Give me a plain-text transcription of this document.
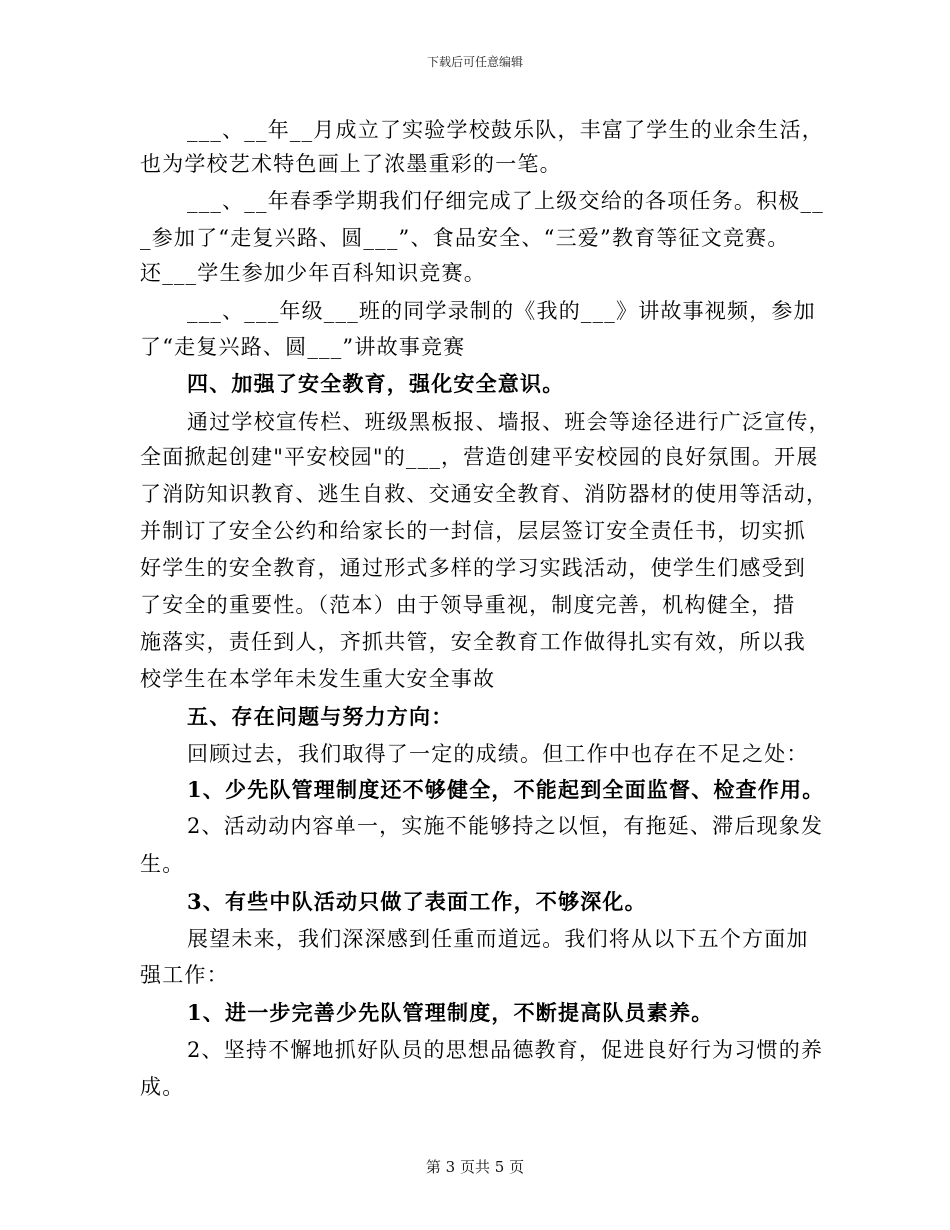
下载后可任意编辑
___、__年__月成立了实验学校鼓乐队，丰富了学生的业余生活，
也为学校艺术特色画上了浓墨重彩的一笔。
___、__年春季学期我们仔细完成了上级交给的各项任务。积极__
_参加了“走复兴路、圆___”、食品安全、“三爱”教育等征文竞赛。
还___学生参加少年百科知识竞赛。
___、___年级___班的同学录制的《我的___》讲故事视频，参加
了“走复兴路、圆___”讲故事竞赛
四、加强了安全教育，强化安全意识。
通过学校宣传栏、班级黑板报、墙报、班会等途径进行广泛宣传，
全面掀起创建"平安校园"的___，营造创建平安校园的良好氛围。开展
了消防知识教育、逃生自救、交通安全教育、消防器材的使用等活动，
并制订了安全公约和给家长的一封信，层层签订安全责任书，切实抓
好学生的安全教育，通过形式多样的学习实践活动，使学生们感受到
了安全的重要性。（范本）由于领导重视，制度完善，机构健全，措
施落实，责任到人，齐抓共管，安全教育工作做得扎实有效，所以我
校学生在本学年未发生重大安全事故
五、存在问题与努力方向：
回顾过去，我们取得了一定的成绩。但工作中也存在不足之处：
1、少先队管理制度还不够健全，不能起到全面监督、检查作用。
2、活动动内容单一，实施不能够持之以恒，有拖延、滞后现象发
生。
3、有些中队活动只做了表面工作，不够深化。
展望未来，我们深深感到任重而道远。我们将从以下五个方面加
强工作：
1、进一步完善少先队管理制度，不断提高队员素养。
2、坚持不懈地抓好队员的思想品德教育，促进良好行为习惯的养
成。
第 3 页共 5 页
